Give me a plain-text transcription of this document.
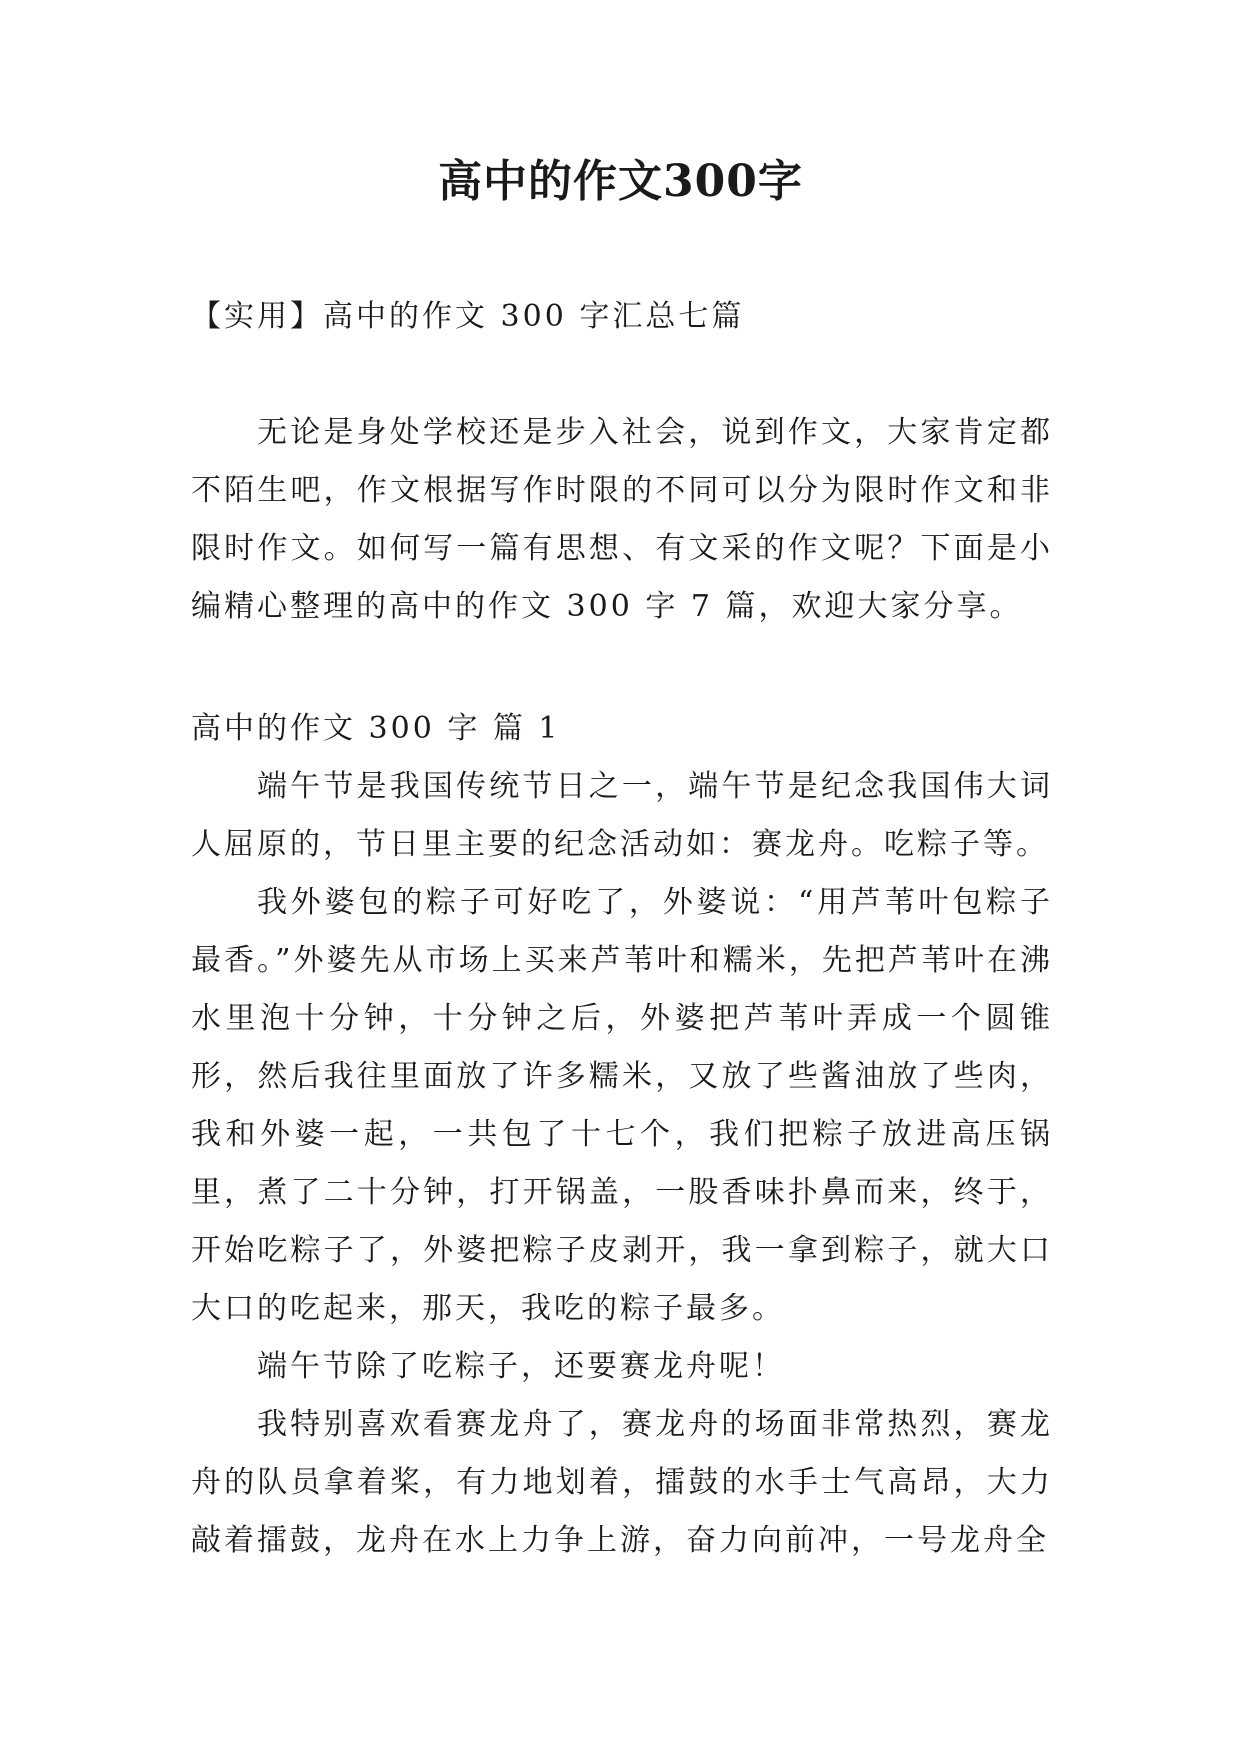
高中的作文300字

【实用】高中的作文 300 字汇总七篇

无论是身处学校还是步入社会，说到作文，大家肯定都不陌生吧，作文根据写作时限的不同可以分为限时作文和非限时作文。如何写一篇有思想、有文采的作文呢？下面是小编精心整理的高中的作文 300 字 7 篇，欢迎大家分享。

高中的作文 300 字 篇 1

端午节是我国传统节日之一，端午节是纪念我国伟大词人屈原的，节日里主要的纪念活动如：赛龙舟。吃粽子等。

我外婆包的粽子可好吃了，外婆说：“用芦苇叶包粽子最香。”外婆先从市场上买来芦苇叶和糯米，先把芦苇叶在沸水里泡十分钟，十分钟之后，外婆把芦苇叶弄成一个圆锥形，然后我往里面放了许多糯米，又放了些酱油放了些肉，我和外婆一起，一共包了十七个，我们把粽子放进高压锅里，煮了二十分钟，打开锅盖，一股香味扑鼻而来，终于，开始吃粽子了，外婆把粽子皮剥开，我一拿到粽子，就大口大口的吃起来，那天，我吃的粽子最多。

端午节除了吃粽子，还要赛龙舟呢！

我特别喜欢看赛龙舟了，赛龙舟的场面非常热烈，赛龙舟的队员拿着桨，有力地划着，擂鼓的水手士气高昂，大力敲着擂鼓，龙舟在水上力争上游，奋力向前冲，一号龙舟全
